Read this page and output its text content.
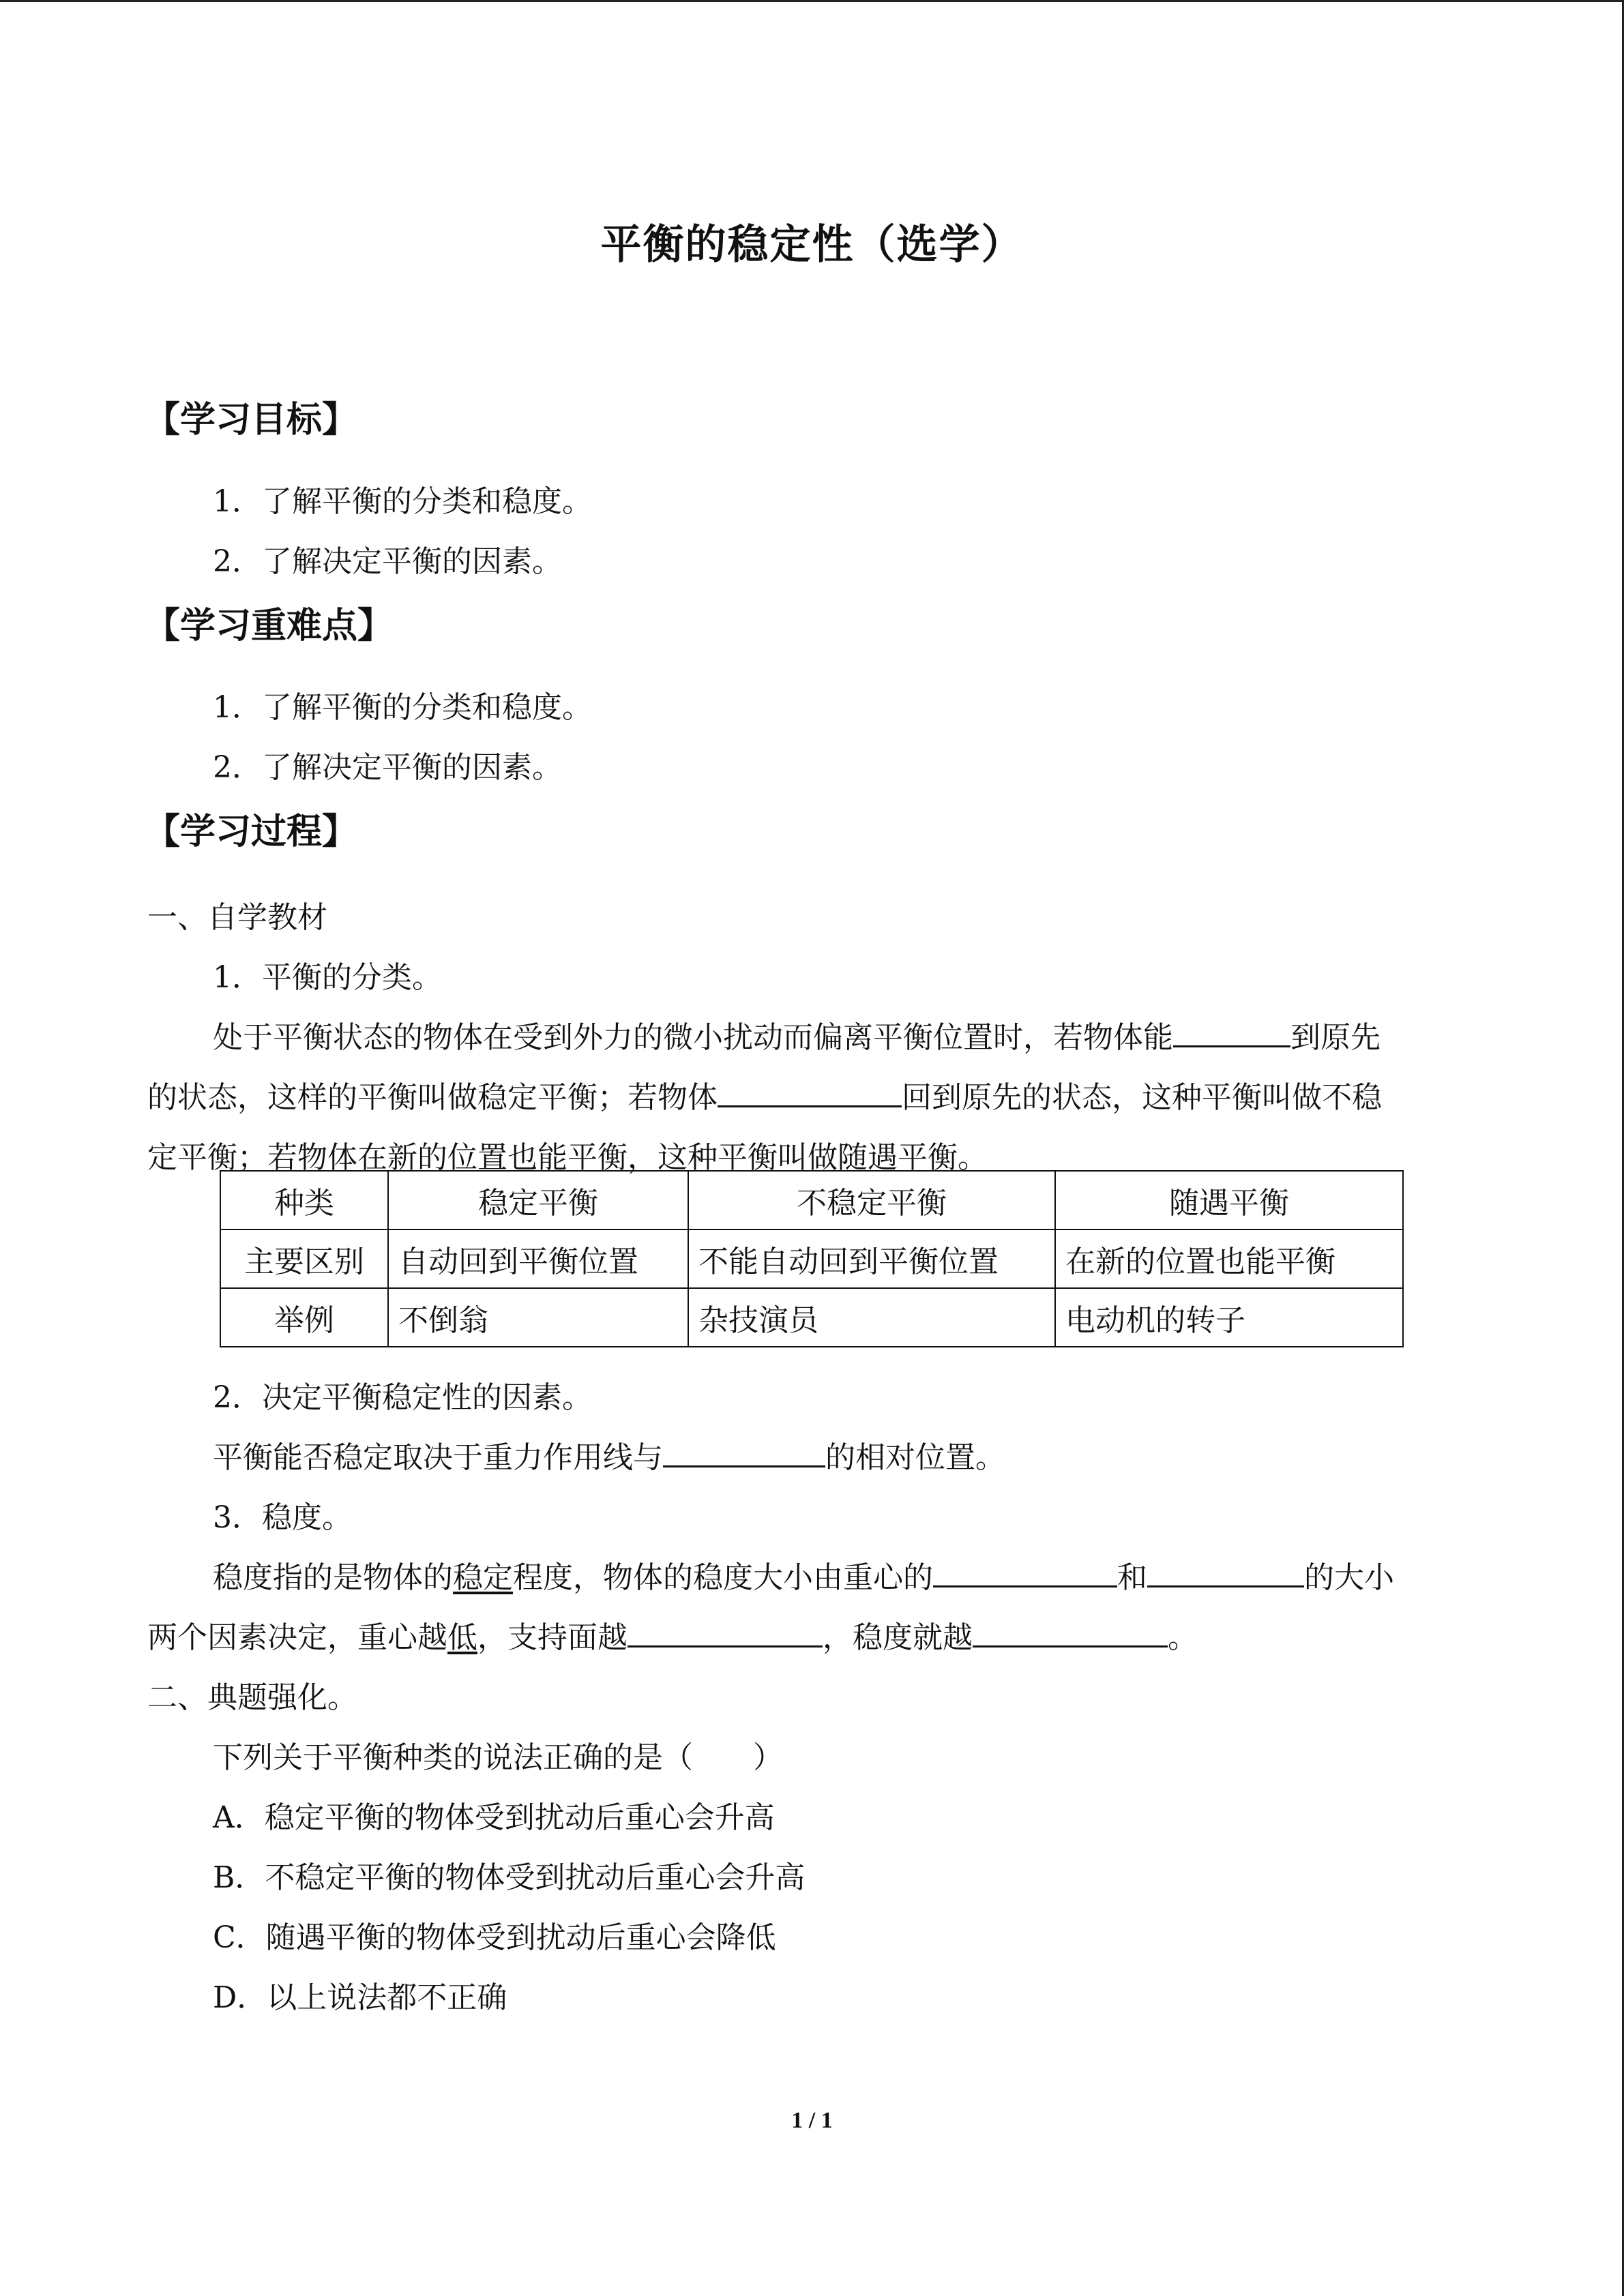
平衡的稳定性（选学）
【学习目标】
1．了解平衡的分类和稳度。
2．了解决定平衡的因素。
【学习重难点】
1．了解平衡的分类和稳度。
2．了解决定平衡的因素。
【学习过程】
一、自学教材
1．平衡的分类。
处于平衡状态的物体在受到外力的微小扰动而偏离平衡位置时，若物体能	到原先
的状态，这样的平衡叫做稳定平衡；若物体	回到原先的状态，这种平衡叫做不稳
定平衡；若物体在新的位置也能平衡，这种平衡叫做随遇平衡。
种类	稳定平衡	不稳定平衡	随遇平衡
主要区别	自动回到平衡位置	不能自动回到平衡位置	在新的位置也能平衡
举例	不倒翁	杂技演员	电动机的转子
2．决定平衡稳定性的因素。
平衡能否稳定取决于重力作用线与	的相对位置。
3．稳度。
稳度指的是物体的稳定程度，物体的稳度大小由重心的	和	的大小
两个因素决定，重心越低，支持面越	，稳度就越	。
二、典题强化。
下列关于平衡种类的说法正确的是（　　）
A．稳定平衡的物体受到扰动后重心会升高
B．不稳定平衡的物体受到扰动后重心会升高
C．随遇平衡的物体受到扰动后重心会降低
D．以上说法都不正确
1 / 1
